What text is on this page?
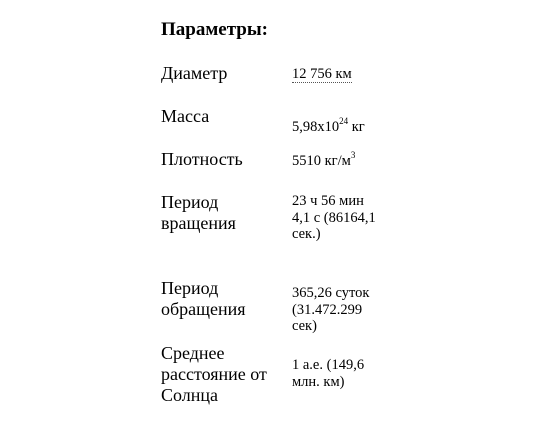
Параметры:
Диаметр	12 756 км
Масса
$5,98x10^{24}$ кг
Плотность	5510 $кг/м^3$
Период
вращения
23 ч 56 мин
4,1 с (86164,1
сек.)
Период
обращения
365,26 суток
(31.472.299
сек)
Среднее
расстояние от
Солнца
1 а.е. (149,6
млн. км)
